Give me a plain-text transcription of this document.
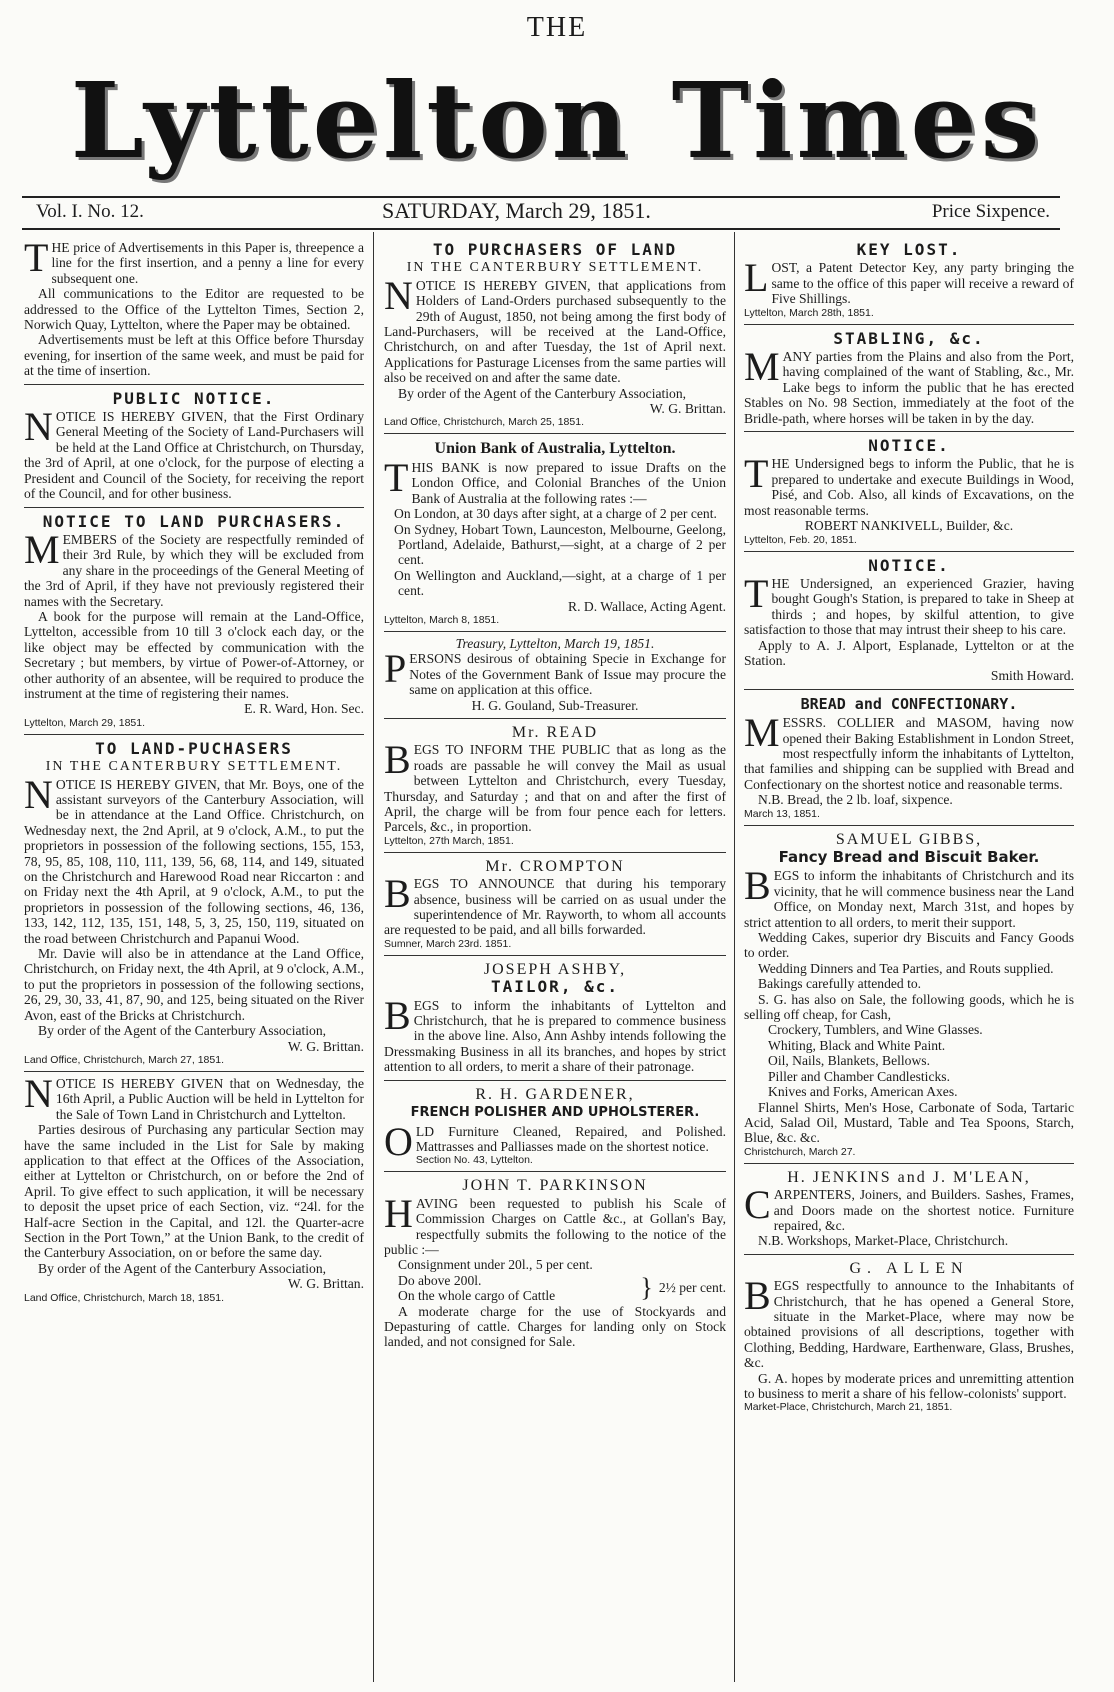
THE
Lyttelton Times
Vol. I. No. 12.	SATURDAY, March 29, 1851.	Price Sixpence.

THE price of Advertisements in this Paper is, threepence a line for the first insertion, and a penny a line for every subsequent one.

All communications to the Editor are requested to be addressed to the Office of the Lyttelton Times, Section 2, Norwich Quay, Lyttelton, where the Paper may be obtained.

Advertisements must be left at this Office before Thursday evening, for insertion of the same week, and must be paid for at the time of insertion.

PUBLIC NOTICE.

NOTICE IS HEREBY GIVEN, that the First Ordinary General Meeting of the Society of Land-Purchasers will be held at the Land Office at Christchurch, on Thursday, the 3rd of April, at one o'clock, for the purpose of electing a President and Council of the Society, for receiving the report of the Council, and for other business.

NOTICE TO LAND PURCHASERS.

MEMBERS of the Society are respectfully reminded of their 3rd Rule, by which they will be excluded from any share in the proceedings of the General Meeting of the 3rd of April, if they have not previously registered their names with the Secretary.

A book for the purpose will remain at the Land-Office, Lyttelton, accessible from 10 till 3 o'clock each day, or the like object may be effected by communication with the Secretary ; but members, by virtue of Power-of-Attorney, or other authority of an absentee, will be required to produce the instrument at the time of registering their names.

E. R. Ward, Hon. Sec.

Lyttelton, March 29, 1851.

TO LAND-PUCHASERS
IN THE CANTERBURY SETTLEMENT.

NOTICE IS HEREBY GIVEN, that Mr. Boys, one of the assistant surveyors of the Canterbury Association, will be in attendance at the Land Office. Christchurch, on Wednesday next, the 2nd April, at 9 o'clock, A.M., to put the proprietors in possession of the following sections, 155, 153, 78, 95, 85, 108, 110, 111, 139, 56, 68, 114, and 149, situated on the Christchurch and Harewood Road near Riccarton : and on Friday next the 4th April, at 9 o'clock, A.M., to put the proprietors in possession of the following sections, 46, 136, 133, 142, 112, 135, 151, 148, 5, 3, 25, 150, 119, situated on the road between Christchurch and Papanui Wood.

Mr. Davie will also be in attendance at the Land Office, Christchurch, on Friday next, the 4th April, at 9 o'clock, A.M., to put the proprietors in possession of the following sections, 26, 29, 30, 33, 41, 87, 90, and 125, being situated on the River Avon, east of the Bricks at Christchurch.

By order of the Agent of the Canterbury Association,

W. G. Brittan.

Land Office, Christchurch, March 27, 1851.

NOTICE IS HEREBY GIVEN that on Wednesday, the 16th April, a Public Auction will be held in Lyttelton for the Sale of Town Land in Christchurch and Lyttelton.

Parties desirous of Purchasing any particular Section may have the same included in the List for Sale by making application to that effect at the Offices of the Association, either at Lyttelton or Christchurch, on or before the 2nd of April. To give effect to such application, it will be necessary to deposit the upset price of each Section, viz. “24l. for the Half-acre Section in the Capital, and 12l. the Quarter-acre Section in the Port Town,” at the Union Bank, to the credit of the Canterbury Association, on or before the same day.

By order of the Agent of the Canterbury Association,

W. G. Brittan.

Land Office, Christchurch, March 18, 1851.

TO PURCHASERS OF LAND
IN THE CANTERBURY SETTLEMENT.

NOTICE IS HEREBY GIVEN, that applications from Holders of Land-Orders purchased subsequently to the 29th of August, 1850, not being among the first body of Land-Purchasers, will be received at the Land-Office, Christchurch, on and after Tuesday, the 1st of April next. Applications for Pasturage Licenses from the same parties will also be received on and after the same date.

By order of the Agent of the Canterbury Association,

W. G. Brittan.

Land Office, Christchurch, March 25, 1851.

Union Bank of Australia, Lyttelton.

THIS BANK is now prepared to issue Drafts on the London Office, and Colonial Branches of the Union Bank of Australia at the following rates :—

On London, at 30 days after sight, at a charge of 2 per cent.

On Sydney, Hobart Town, Launceston, Melbourne, Geelong, Portland, Adelaide, Bathurst,—sight, at a charge of 2 per cent.

On Wellington and Auckland,—sight, at a charge of 1 per cent.

R. D. Wallace, Acting Agent.

Lyttelton, March 8, 1851.

Treasury, Lyttelton, March 19, 1851.

PERSONS desirous of obtaining Specie in Exchange for Notes of the Government Bank of Issue may procure the same on application at this office.

H. G. Gouland, Sub-Treasurer.

Mr. READ

BEGS TO INFORM THE PUBLIC that as long as the roads are passable he will convey the Mail as usual between Lyttelton and Christchurch, every Tuesday, Thursday, and Saturday ; and that on and after the first of April, the charge will be from four pence each for letters. Parcels, &c., in proportion.

Lyttelton, 27th March, 1851.

Mr. CROMPTON

BEGS TO ANNOUNCE that during his temporary absence, business will be carried on as usual under the superintendence of Mr. Rayworth, to whom all accounts are requested to be paid, and all bills forwarded.

Sumner, March 23rd. 1851.

JOSEPH ASHBY,
TAILOR, &c.

BEGS to inform the inhabitants of Lyttelton and Christchurch, that he is prepared to commence business in the above line. Also, Ann Ashby intends following the Dressmaking Business in all its branches, and hopes by strict attention to all orders, to merit a share of their patronage.

R. H. GARDENER,
FRENCH POLISHER AND UPHOLSTERER.

OLD Furniture Cleaned, Repaired, and Polished. Mattrasses and Palliasses made on the shortest notice.

Section No. 43, Lyttelton.

JOHN T. PARKINSON

HAVING been requested to publish his Scale of Commission Charges on Cattle &c., at Gollan's Bay, respectfully submits the following to the notice of the public :—

Consignment under 20l., 5 per cent.

Do above 200l.

On the whole cargo of Cattle	} 2½ per cent.

A moderate charge for the use of Stockyards and Depasturing of cattle. Charges for landing only on Stock landed, and not consigned for Sale.

KEY LOST.

LOST, a Patent Detector Key, any party bringing the same to the office of this paper will receive a reward of Five Shillings.

Lyttelton, March 28th, 1851.

STABLING, &c.

MANY parties from the Plains and also from the Port, having complained of the want of Stabling, &c., Mr. Lake begs to inform the public that he has erected Stables on No. 98 Section, immediately at the foot of the Bridle-path, where horses will be taken in by the day.

NOTICE.

THE Undersigned begs to inform the Public, that he is prepared to undertake and execute Buildings in Wood, Pisé, and Cob. Also, all kinds of Excavations, on the most reasonable terms.

ROBERT NANKIVELL, Builder, &c.

Lyttelton, Feb. 20, 1851.

NOTICE.

THE Undersigned, an experienced Grazier, having bought Gough's Station, is prepared to take in Sheep at thirds ; and hopes, by skilful attention, to give satisfaction to those that may intrust their sheep to his care.

Apply to A. J. Alport, Esplanade, Lyttelton or at the Station.

Smith Howard.

BREAD and CONFECTIONARY.

MESSRS. COLLIER and MASOM, having now opened their Baking Establishment in London Street, most respectfully inform the inhabitants of Lyttelton, that families and shipping can be supplied with Bread and Confectionary on the shortest notice and reasonable terms.

N.B. Bread, the 2 lb. loaf, sixpence.

March 13, 1851.

SAMUEL GIBBS,
Fancy Bread and Biscuit Baker.

BEGS to inform the inhabitants of Christchurch and its vicinity, that he will commence business near the Land Office, on Monday next, March 31st, and hopes by strict attention to all orders, to merit their support.

Wedding Cakes, superior dry Biscuits and Fancy Goods to order.

Wedding Dinners and Tea Parties, and Routs supplied.

Bakings carefully attended to.

S. G. has also on Sale, the following goods, which he is selling off cheap, for Cash,

Crockery, Tumblers, and Wine Glasses.

Whiting, Black and White Paint.

Oil, Nails, Blankets, Bellows.

Piller and Chamber Candlesticks.

Knives and Forks, American Axes.

Flannel Shirts, Men's Hose, Carbonate of Soda, Tartaric Acid, Salad Oil, Mustard, Table and Tea Spoons, Starch, Blue, &c. &c.

Christchurch, March 27.

H. JENKINS and J. M'LEAN,

CARPENTERS, Joiners, and Builders. Sashes, Frames, and Doors made on the shortest notice. Furniture repaired, &c.

N.B. Workshops, Market-Place, Christchurch.

G. ALLEN

BEGS respectfully to announce to the Inhabitants of Christchurch, that he has opened a General Store, situate in the Market-Place, where may now be obtained provisions of all descriptions, together with Clothing, Bedding, Hardware, Earthenware, Glass, Brushes, &c.

G. A. hopes by moderate prices and unremitting attention to business to merit a share of his fellow-colonists' support.

Market-Place, Christchurch, March 21, 1851.
